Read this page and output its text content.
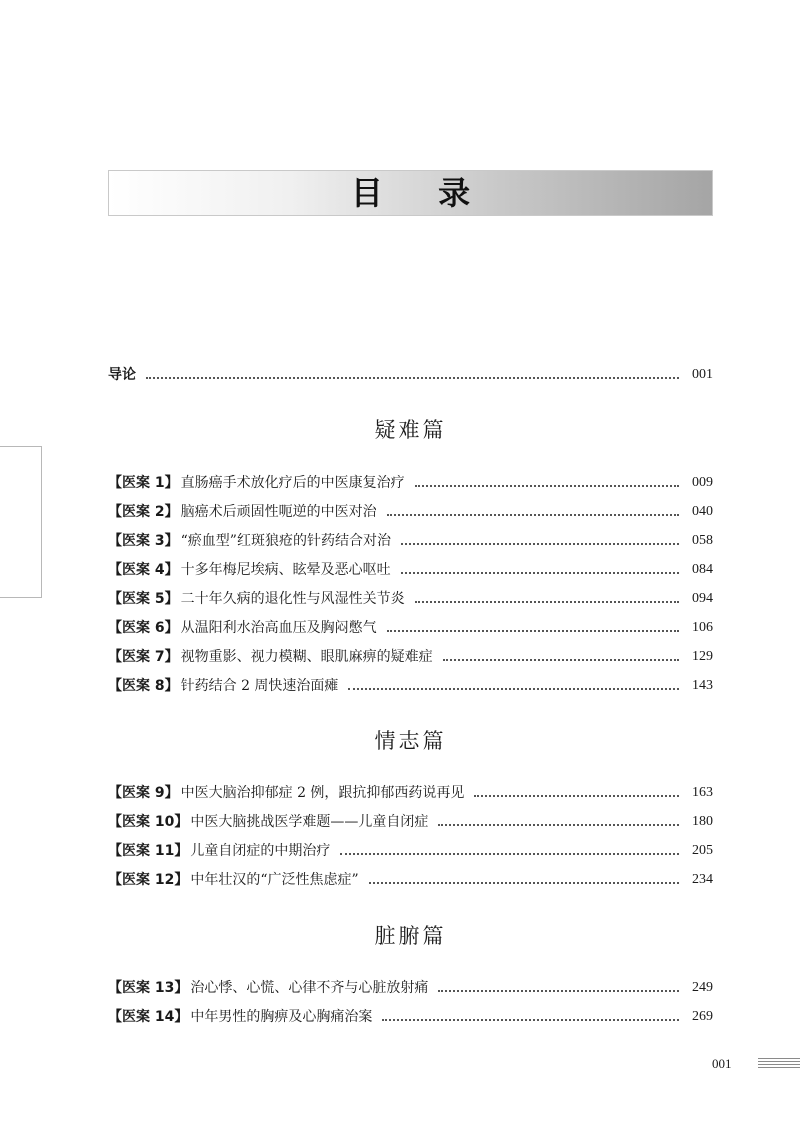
目 录
导论	001
疑难篇
【医案 1】 直肠癌手术放化疗后的中医康复治疗	009
【医案 2】 脑癌术后顽固性呃逆的中医对治	040
【医案 3】 “瘀血型”红斑狼疮的针药结合对治	058
【医案 4】 十多年梅尼埃病、眩晕及恶心呕吐	084
【医案 5】 二十年久病的退化性与风湿性关节炎	094
【医案 6】 从温阳利水治高血压及胸闷憋气	106
【医案 7】 视物重影、视力模糊、眼肌麻痹的疑难症	129
【医案 8】 针药结合 2 周快速治面瘫	143
情志篇
【医案 9】 中医大脑治抑郁症 2 例，跟抗抑郁西药说再见	163
【医案 10】 中医大脑挑战医学难题——儿童自闭症	180
【医案 11】 儿童自闭症的中期治疗	205
【医案 12】 中年壮汉的“广泛性焦虑症”	234
脏腑篇
【医案 13】 治心悸、心慌、心律不齐与心脏放射痛	249
【医案 14】 中年男性的胸痹及心胸痛治案	269
001
